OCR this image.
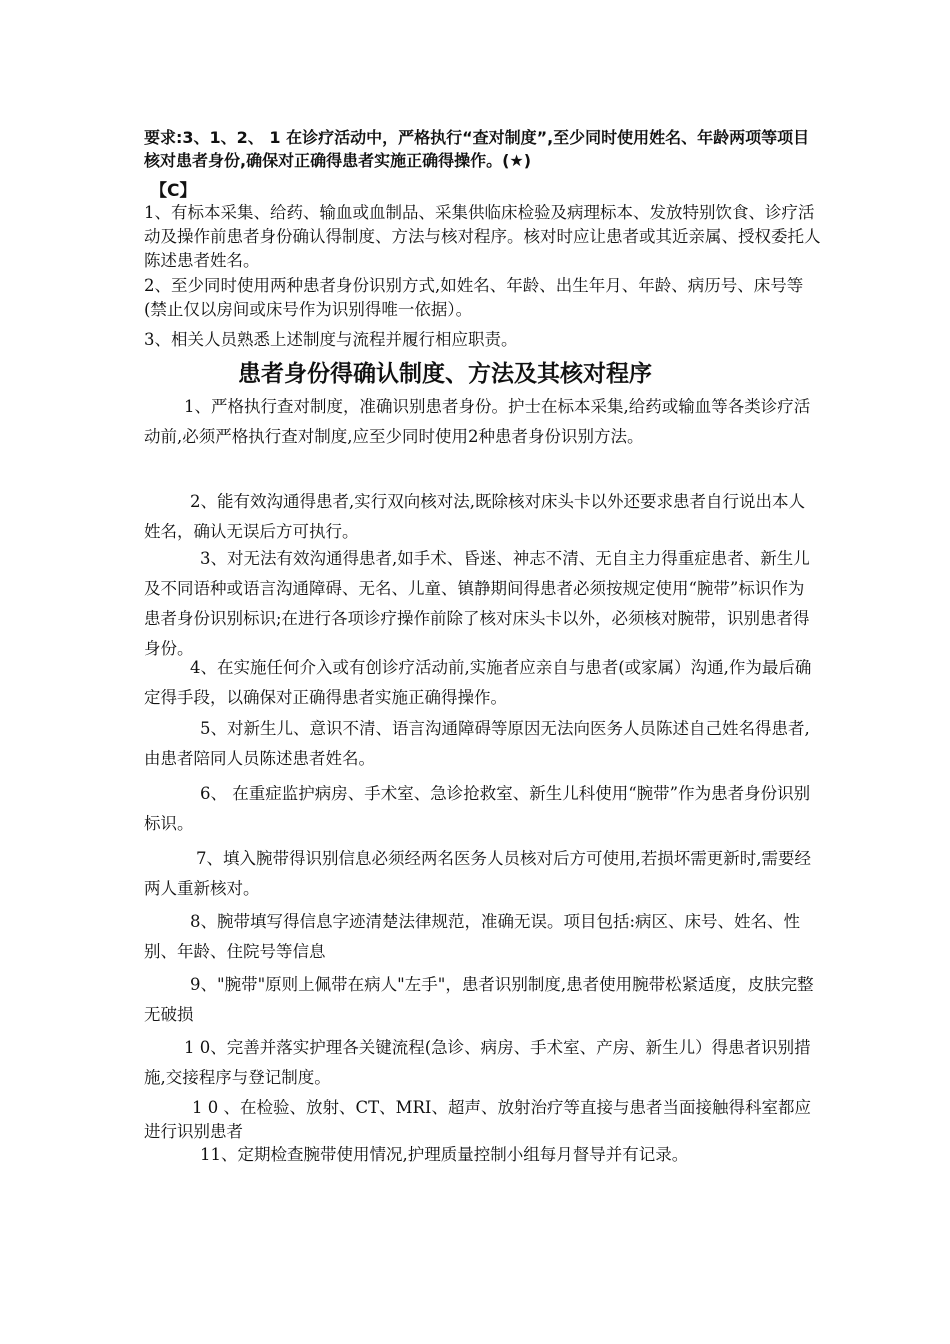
要求:3、1、2、 1 在诊疗活动中，严格执行“查对制度”,至少同时使用姓名、年龄两项等项目核对患者身份,确保对正确得患者实施正确得操作。(★)
【C】
1、有标本采集、给药、输血或血制品、采集供临床检验及病理标本、发放特别饮食、诊疗活动及操作前患者身份确认得制度、方法与核对程序。核对时应让患者或其近亲属、授权委托人陈述患者姓名。
2、至少同时使用两种患者身份识别方式,如姓名、年龄、出生年月、年龄、病历号、床号等(禁止仅以房间或床号作为识别得唯一依据）。
3、相关人员熟悉上述制度与流程并履行相应职责。
患者身份得确认制度、方法及其核对程序
1、严格执行查对制度，准确识别患者身份。护士在标本采集,给药或输血等各类诊疗活动前,必须严格执行查对制度,应至少同时使用2种患者身份识别方法。
2、能有效沟通得患者,实行双向核对法,既除核对床头卡以外还要求患者自行说出本人姓名，确认无误后方可执行。
3、对无法有效沟通得患者,如手术、昏迷、神志不清、无自主力得重症患者、新生儿及不同语种或语言沟通障碍、无名、儿童、镇静期间得患者必须按规定使用“腕带”标识作为患者身份识别标识;在进行各项诊疗操作前除了核对床头卡以外，必须核对腕带，识别患者得身份。
4、在实施任何介入或有创诊疗活动前,实施者应亲自与患者(或家属）沟通,作为最后确定得手段，以确保对正确得患者实施正确得操作。
5、对新生儿、意识不清、语言沟通障碍等原因无法向医务人员陈述自己姓名得患者,由患者陪同人员陈述患者姓名。
6、 在重症监护病房、手术室、急诊抢救室、新生儿科使用“腕带”作为患者身份识别标识。
7、填入腕带得识别信息必须经两名医务人员核对后方可使用,若损坏需更新时,需要经两人重新核对。
8、腕带填写得信息字迹清楚法律规范，准确无误。项目包括:病区、床号、姓名、性别、年龄、住院号等信息
9、"腕带"原则上佩带在病人"左手"，患者识别制度,患者使用腕带松紧适度，皮肤完整无破损
1 0、完善并落实护理各关键流程(急诊、病房、手术室、产房、新生儿）得患者识别措施,交接程序与登记制度。
1 0 、在检验、放射、CT、MRI、超声、放射治疗等直接与患者当面接触得科室都应进行识别患者
11、定期检查腕带使用情况,护理质量控制小组每月督导并有记录。
